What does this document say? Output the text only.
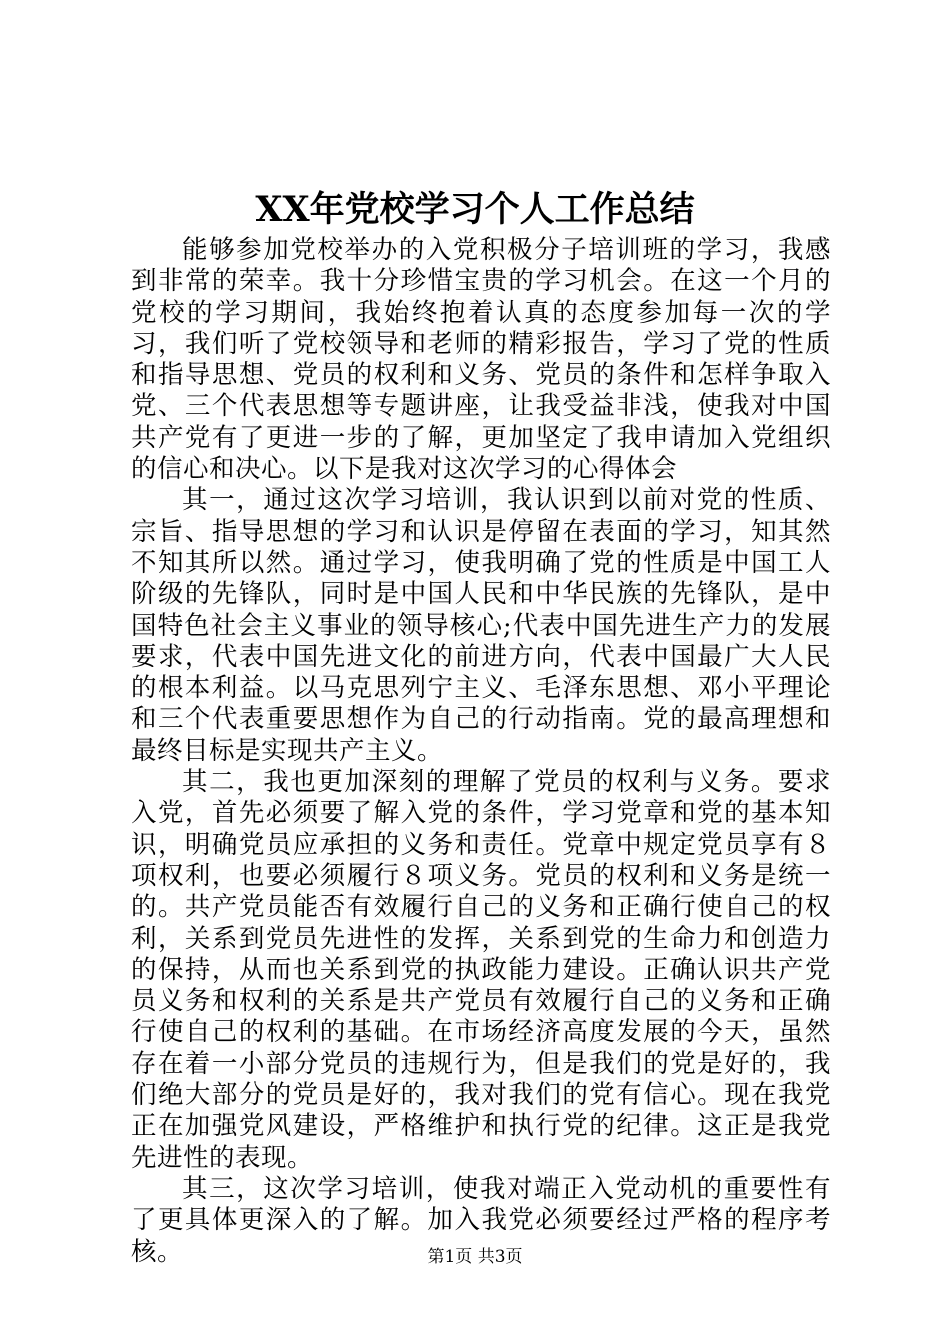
XX年党校学习个人工作总结

能够参加党校举办的入党积极分子培训班的学习，我感到非常的荣幸。我十分珍惜宝贵的学习机会。在这一个月的党校的学习期间，我始终抱着认真的态度参加每一次的学习，我们听了党校领导和老师的精彩报告，学习了党的性质和指导思想、党员的权利和义务、党员的条件和怎样争取入党、三个代表思想等专题讲座，让我受益非浅，使我对中国共产党有了更进一步的了解，更加坚定了我申请加入党组织的信心和决心。以下是我对这次学习的心得体会

其一，通过这次学习培训，我认识到以前对党的性质、宗旨、指导思想的学习和认识是停留在表面的学习，知其然不知其所以然。通过学习，使我明确了党的性质是中国工人阶级的先锋队，同时是中国人民和中华民族的先锋队，是中国特色社会主义事业的领导核心;代表中国先进生产力的发展要求，代表中国先进文化的前进方向，代表中国最广大人民的根本利益。以马克思列宁主义、毛泽东思想、邓小平理论和三个代表重要思想作为自己的行动指南。党的最高理想和最终目标是实现共产主义。

其二，我也更加深刻的理解了党员的权利与义务。要求入党，首先必须要了解入党的条件，学习党章和党的基本知识，明确党员应承担的义务和责任。党章中规定党员享有８项权利，也要必须履行８项义务。党员的权利和义务是统一的。共产党员能否有效履行自己的义务和正确行使自己的权利，关系到党员先进性的发挥，关系到党的生命力和创造力的保持，从而也关系到党的执政能力建设。正确认识共产党员义务和权利的关系是共产党员有效履行自己的义务和正确行使自己的权利的基础。在市场经济高度发展的今天，虽然存在着一小部分党员的违规行为，但是我们的党是好的，我们绝大部分的党员是好的，我对我们的党有信心。现在我党正在加强党风建设，严格维护和执行党的纪律。这正是我党先进性的表现。

其三，这次学习培训，使我对端正入党动机的重要性有了更具体更深入的了解。加入我党必须要经过严格的程序考核。	第1页 共3页
